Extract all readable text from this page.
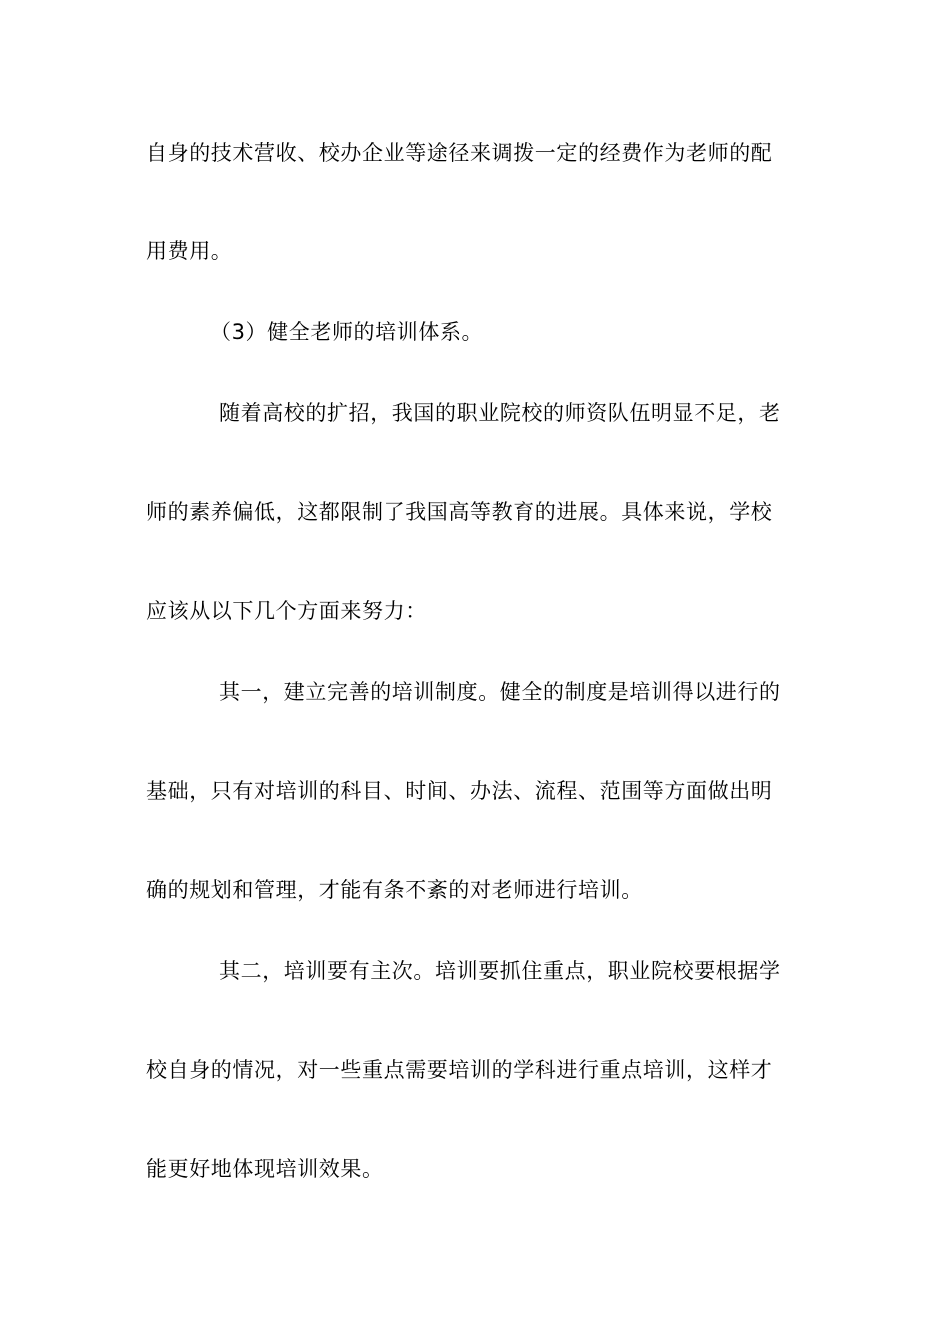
自身的技术营收、校办企业等途径来调拨一定的经费作为老师的配
用费用。
（3）健全老师的培训体系。
随着高校的扩招，我国的职业院校的师资队伍明显不足，老
师的素养偏低，这都限制了我国高等教育的进展。具体来说，学校
应该从以下几个方面来努力：
其一，建立完善的培训制度。健全的制度是培训得以进行的
基础，只有对培训的科目、时间、办法、流程、范围等方面做出明
确的规划和管理，才能有条不紊的对老师进行培训。
其二，培训要有主次。培训要抓住重点，职业院校要根据学
校自身的情况，对一些重点需要培训的学科进行重点培训，这样才
能更好地体现培训效果。
